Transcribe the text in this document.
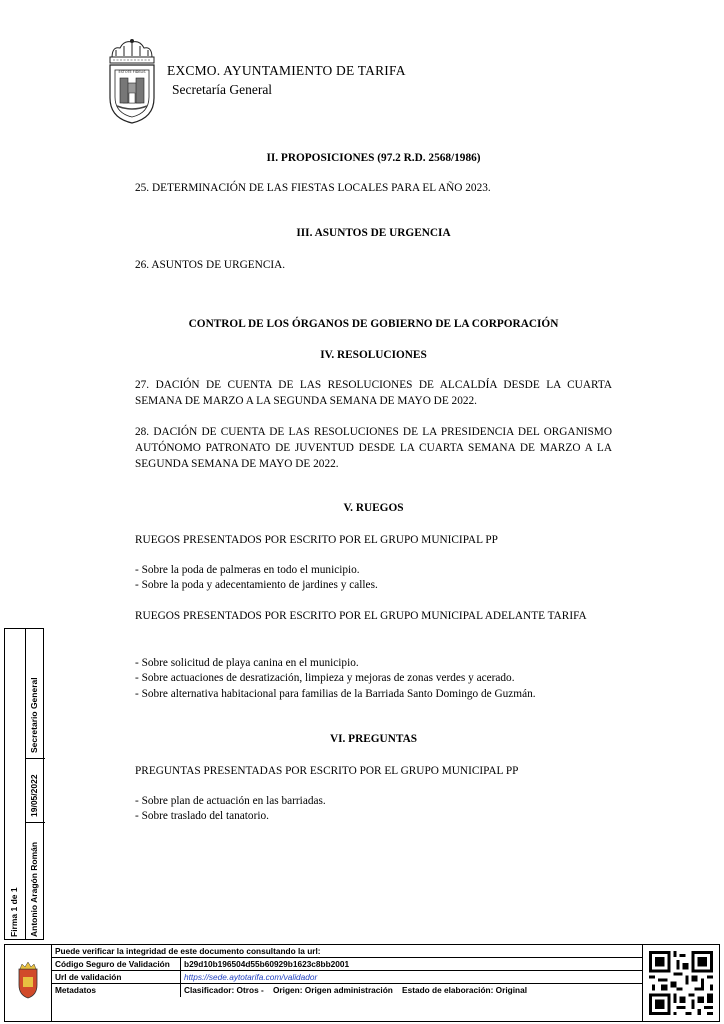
ESTOTE FIDELIS EXCMO. AYUNTAMIENTO DE TARIFA
Secretaría General
II. PROPOSICIONES (97.2 R.D. 2568/1986)
25. DETERMINACIÓN DE LAS FIESTAS LOCALES PARA EL AÑO 2023.
III. ASUNTOS DE URGENCIA
26. ASUNTOS DE URGENCIA.
CONTROL DE LOS ÓRGANOS DE GOBIERNO DE LA CORPORACIÓN
IV. RESOLUCIONES

27. DACIÓN DE CUENTA DE LAS RESOLUCIONES DE ALCALDÍA DESDE LA CUARTA SEMANA DE MARZO A LA SEGUNDA SEMANA DE MAYO DE 2022.

28. DACIÓN DE CUENTA DE LAS RESOLUCIONES DE LA PRESIDENCIA DEL ORGANISMO AUTÓNOMO PATRONATO DE JUVENTUD DESDE LA CUARTA SEMANA DE MARZO A LA SEGUNDA SEMANA DE MAYO DE 2022.

V. RUEGOS
RUEGOS PRESENTADOS POR ESCRITO POR EL GRUPO MUNICIPAL PP
- Sobre la poda de palmeras en todo el municipio.
- Sobre la poda y adecentamiento de jardines y calles.

RUEGOS PRESENTADOS POR ESCRITO POR EL GRUPO MUNICIPAL ADELANTE TARIFA

- Sobre solicitud de playa canina en el municipio.
- Sobre actuaciones de desratización, limpieza y mejoras de zonas verdes y acerado.
- Sobre alternativa habitacional para familias de la Barriada Santo Domingo de Guzmán.
VI. PREGUNTAS
PREGUNTAS PRESENTADAS POR ESCRITO POR EL GRUPO MUNICIPAL PP
- Sobre plan de actuación en las barriadas.
- Sobre traslado del tanatorio.
Firma 1 de 1 Antonio Aragón Román
19/05/2022
Secretario General
Puede verificar la integridad de este documento consultando la url:
Código Seguro de Validación b29d10b196504d55b60929b1623c8bb2001
Url de validación	https://sede.aytotarifa.com/validador
Metadatos	Clasificador: Otros -    Origen: Origen administración    Estado de elaboración: Original
